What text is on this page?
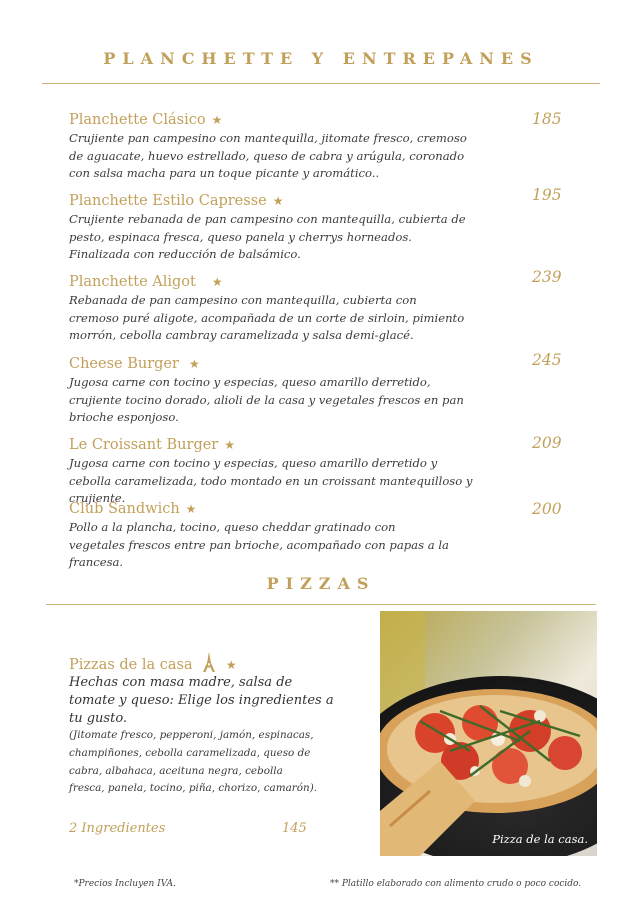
PLANCHETTE Y ENTREPANES
Planchette Clásico ★
Crujiente pan campesino con mantequilla, jitomate fresco, cremoso de aguacate, huevo estrellado, queso de cabra y arúgula, coronado con salsa macha para un toque picante y aromático..
185
Planchette Estilo Capresse ★
Crujiente rebanada de pan campesino con mantequilla, cubierta de pesto, espinaca fresca, queso panela y cherrys horneados. Finalizada con reducción de balsámico.
195
Planchette Aligot ★
Rebanada de pan campesino con mantequilla, cubierta con cremoso puré aligote, acompañada de un corte de sirloin, pimiento morrón, cebolla cambray caramelizada y salsa demi-glacé.
239
Cheese Burger ★
Jugosa carne con tocino y especias, queso amarillo derretido, crujiente tocino dorado, alioli de la casa y vegetales frescos en pan brioche esponjoso.
245
Le Croissant Burger ★
Jugosa carne con tocino y especias, queso amarillo derretido y cebolla caramelizada, todo montado en un croissant mantequilloso y crujiente.
209
Club Sandwich ★
Pollo a la plancha, tocino, queso cheddar gratinado con vegetales frescos entre pan brioche, acompañado con papas a la francesa.
200
PIZZAS
Pizzas de la casa	★
Hechas con masa madre, salsa de tomate y queso: Elige los ingredientes a tu gusto.
(Jitomate fresco, pepperoni, jamón, espinacas, champiñones, cebolla caramelizada, queso de cabra, albahaca, aceituna negra, cebolla fresca, panela, tocino, piña, chorizo, camarón).
2 Ingredientes	145
Pizza de la casa.
*Precios Incluyen IVA.	** Platillo elaborado con alimento crudo o poco cocido.
